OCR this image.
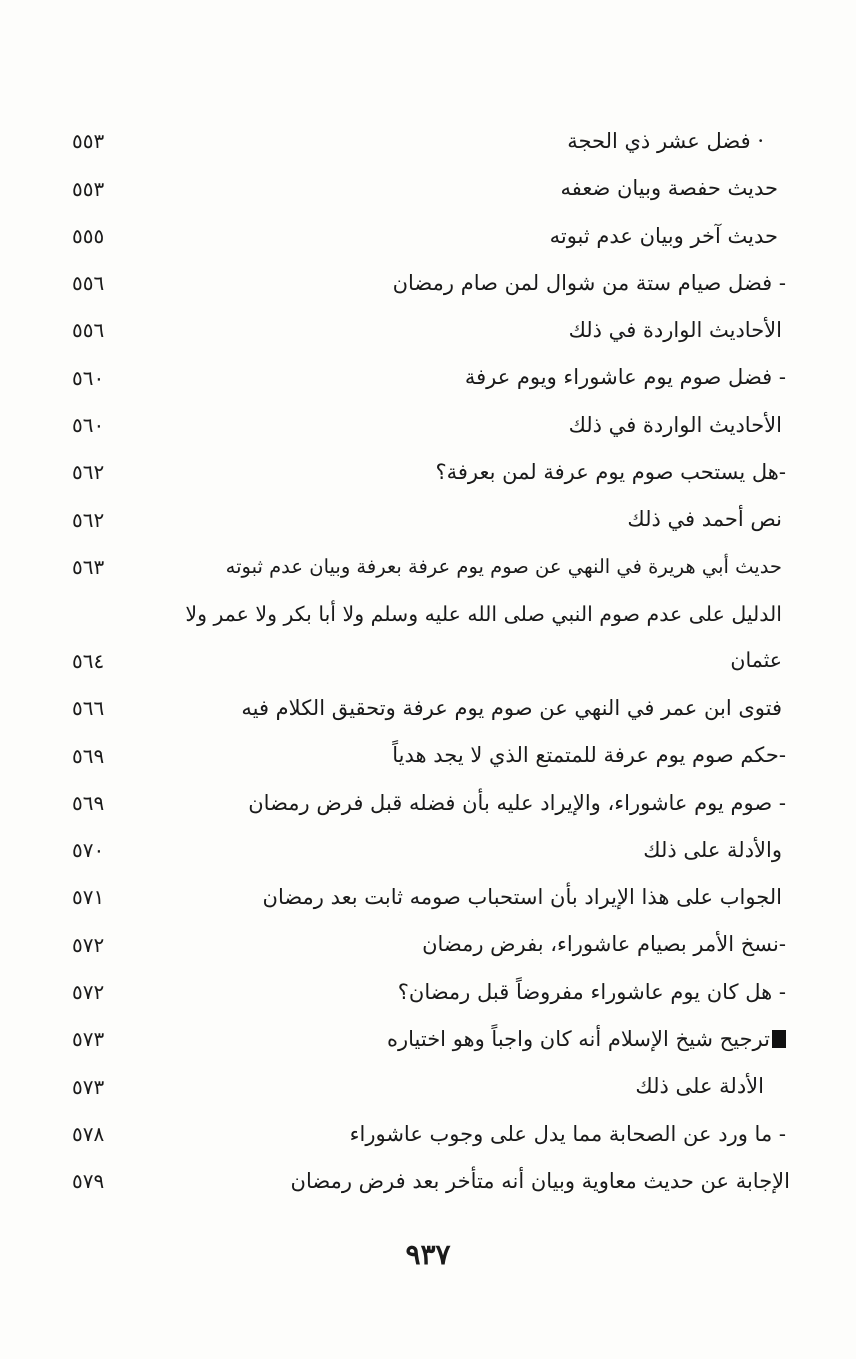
· فضل عشر ذي الحجة
٥٥٣
حديث حفصة وبيان ضعفه
٥٥٣
حديث آخر وبيان عدم ثبوته
٥٥٥
- فضل صيام ستة من شوال لمن صام رمضان
٥٥٦
الأحاديث الواردة في ذلك
٥٥٦
- فضل صوم يوم عاشوراء ويوم عرفة
٥٦٠
الأحاديث الواردة في ذلك
٥٦٠
-هل يستحب صوم يوم عرفة لمن بعرفة؟
٥٦٢
نص أحمد في ذلك
٥٦٢
حديث أبي هريرة في النهي عن صوم يوم عرفة بعرفة وبيان عدم ثبوته
٥٦٣
الدليل على عدم صوم النبي صلى الله عليه وسلم ولا أبا بكر ولا عمر ولا عثمان
٥٦٤
فتوى ابن عمر في النهي عن صوم يوم عرفة وتحقيق الكلام فيه
٥٦٦
-حكم صوم يوم عرفة للمتمتع الذي لا يجد هدياً
٥٦٩
- صوم يوم عاشوراء، والإيراد عليه بأن فضله قبل فرض رمضان
٥٦٩
والأدلة على ذلك
٥٧٠
الجواب على هذا الإيراد بأن استحباب صومه ثابت بعد رمضان
٥٧١
-نسخ الأمر بصيام عاشوراء، بفرض رمضان
٥٧٢
- هل كان يوم عاشوراء مفروضاً قبل رمضان؟
٥٧٢
ترجيح شيخ الإسلام أنه كان واجباً وهو اختياره
٥٧٣
الأدلة على ذلك
٥٧٣
- ما ورد عن الصحابة مما يدل على وجوب عاشوراء
٥٧٨
الإجابة عن حديث معاوية وبيان أنه متأخر بعد فرض رمضان
٥٧٩
٩٣٧
